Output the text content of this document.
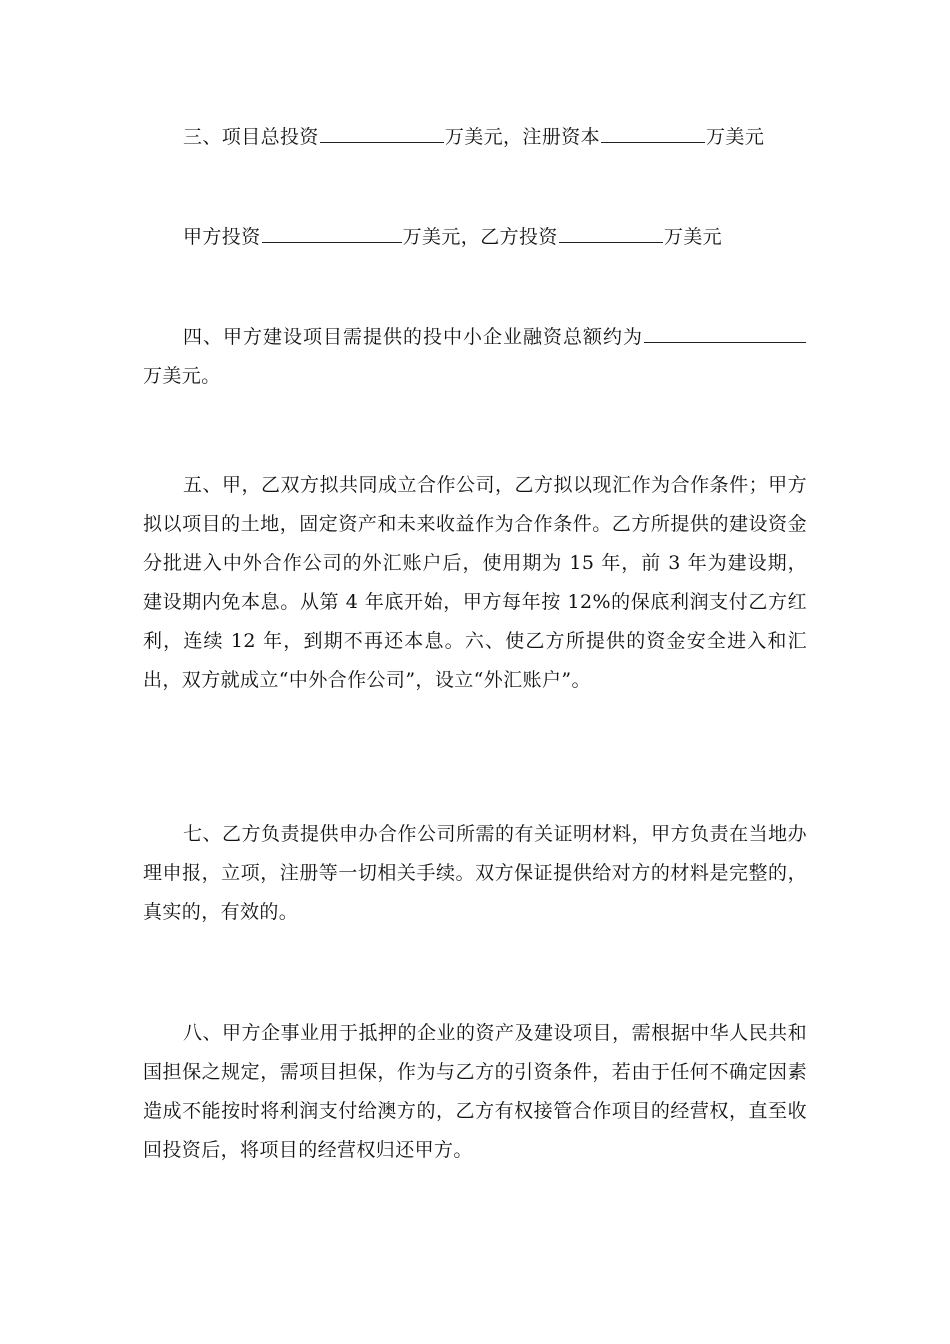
三、项目总投资	万美元，注册资本	万美元

甲方投资	万美元，乙方投资	万美元

四、甲方建设项目需提供的投中小企业融资总额约为万美元。

五、甲，乙双方拟共同成立合作公司，乙方拟以现汇作为合作条件；甲方拟以项目的土地，固定资产和未来收益作为合作条件。乙方所提供的建设资金分批进入中外合作公司的外汇账户后，使用期为 15 年，前 3 年为建设期，建设期内免本息。从第 4 年底开始，甲方每年按 12%的保底利润支付乙方红利，连续 12 年，到期不再还本息。六、使乙方所提供的资金安全进入和汇出，双方就成立“中外合作公司”，设立“外汇账户”。

七、乙方负责提供申办合作公司所需的有关证明材料，甲方负责在当地办理申报，立项，注册等一切相关手续。双方保证提供给对方的材料是完整的，真实的，有效的。

八、甲方企事业用于抵押的企业的资产及建设项目，需根据中华人民共和国担保之规定，需项目担保，作为与乙方的引资条件，若由于任何不确定因素造成不能按时将利润支付给澳方的，乙方有权接管合作项目的经营权，直至收回投资后，将项目的经营权归还甲方。
